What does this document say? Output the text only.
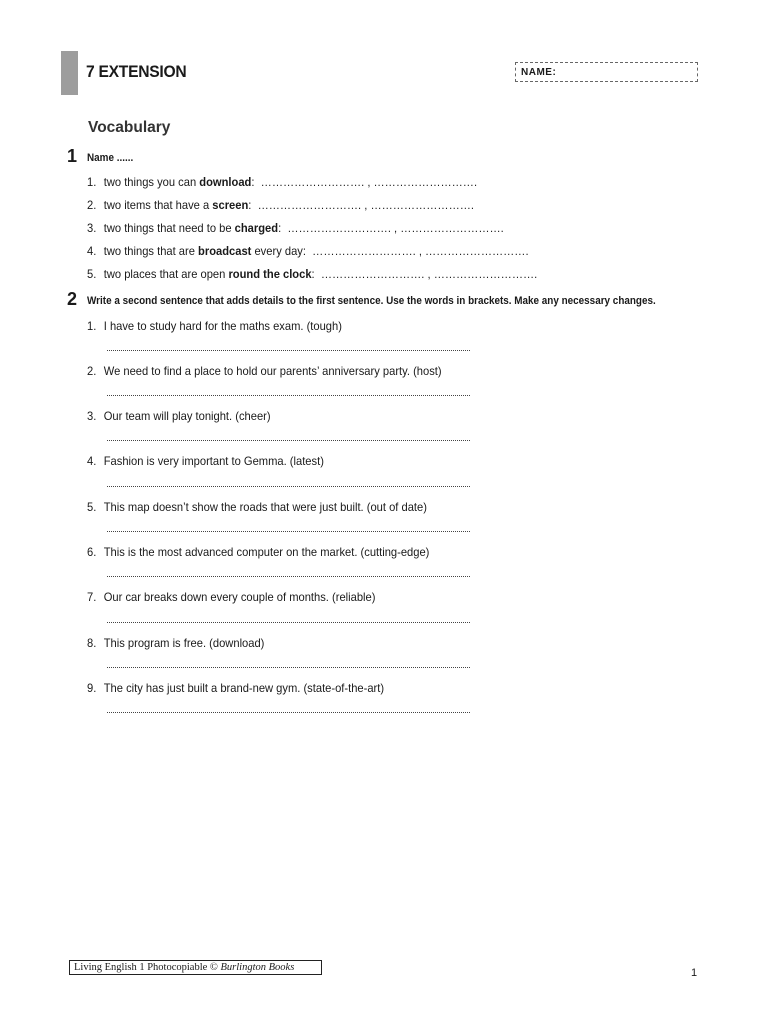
7 EXTENSION	NAME:
Vocabulary
1 Name ......
1. two things you can download: ………………………. , ……………………….
2. two items that have a screen: ………………………. , ……………………….
3. two things that need to be charged: ………………………. , ……………………….
4. two things that are broadcast every day: ………………………. , ……………………….
5. two places that are open round the clock: ………………………. , ……………………….
2 Write a second sentence that adds details to the first sentence. Use the words in brackets. Make any necessary changes.
1. I have to study hard for the maths exam. (tough)
2. We need to find a place to hold our parents’ anniversary party. (host)
3. Our team will play tonight. (cheer)
4. Fashion is very important to Gemma. (latest)
5. This map doesn’t show the roads that were just built. (out of date)
6. This is the most advanced computer on the market. (cutting-edge)
7. Our car breaks down every couple of months. (reliable)
8. This program is free. (download)
9. The city has just built a brand-new gym. (state-of-the-art)
Living English 1 Photocopiable © Burlington Books	1
